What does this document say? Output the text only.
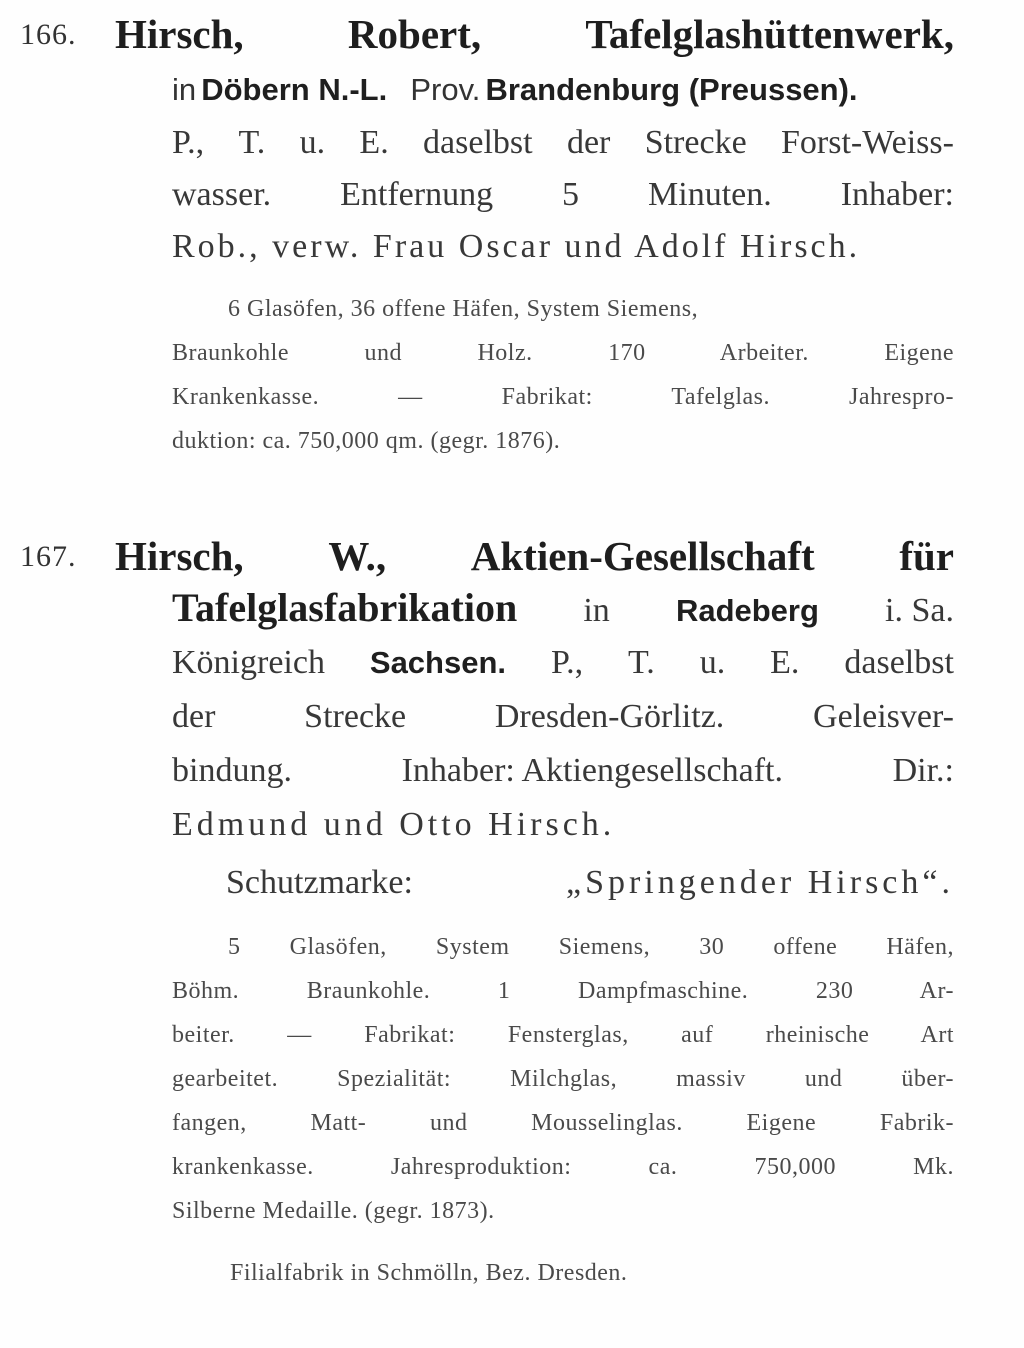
166. Hirsch,	Robert,	Tafelglashüttenwerk,
in Döbern N.-L. Prov. Brandenburg (Preussen).
P., T. u. E. daselbst der Strecke Forst-Weiss-
wasser. Entfernung 5 Minuten. Inhaber:
Rob., verw. Frau Oscar und Adolf Hirsch.
6 Glasöfen, 36 offene Häfen, System Siemens,
Braunkohle und Holz. 170 Arbeiter. Eigene
Krankenkasse. — Fabrikat: Tafelglas. Jahrespro-
duktion: ca. 750,000 qm. (gegr. 1876).
167. Hirsch, W., Aktien-Gesellschaft für
Tafelglasfabrikation in Radeberg i. Sa.
Königreich Sachsen. P., T. u. E. daselbst
der	Strecke	Dresden-Görlitz.	Geleisver-
bindung.	Inhaber: Aktiengesellschaft.	Dir.:
Edmund und Otto Hirsch.
Schutzmarke:	„Springender Hirsch“.
5 Glasöfen, System Siemens, 30 offene Häfen,
Böhm. Braunkohle. 1 Dampfmaschine. 230 Ar-
beiter. — Fabrikat: Fensterglas, auf rheinische Art
gearbeitet. Spezialität: Milchglas, massiv und über-
fangen, Matt- und Mousselinglas. Eigene Fabrik-
krankenkasse. Jahresproduktion: ca. 750,000 Mk.
Silberne Medaille. (gegr. 1873).
Filialfabrik in Schmölln, Bez. Dresden.
